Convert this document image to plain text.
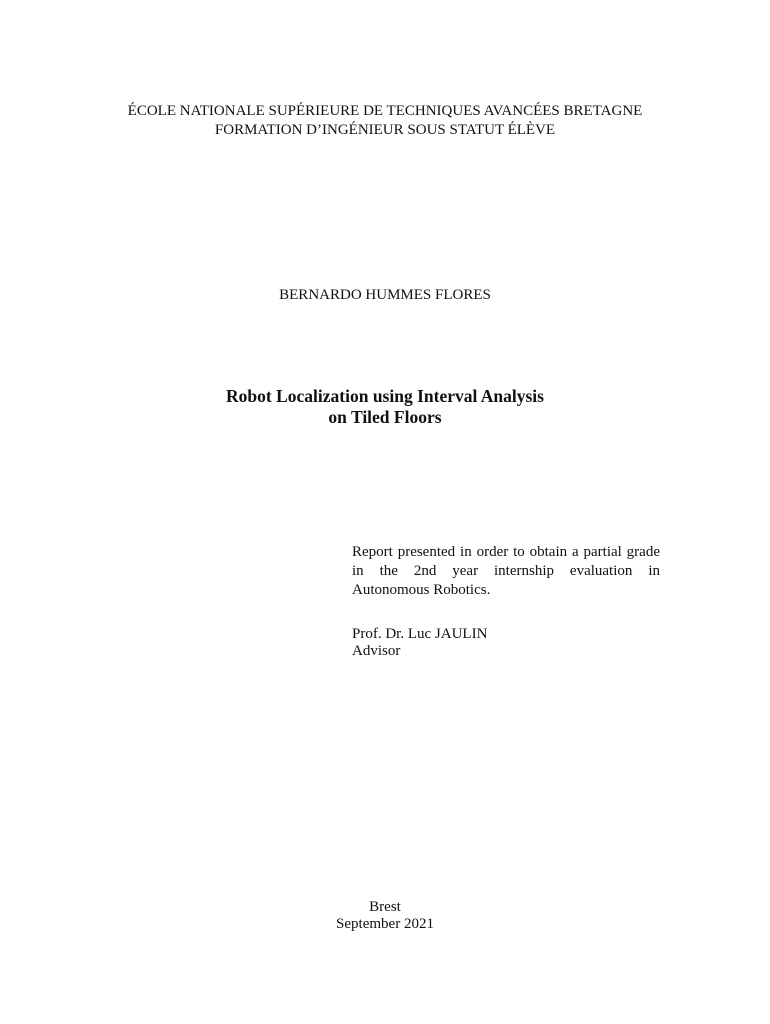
ÉCOLE NATIONALE SUPÉRIEURE DE TECHNIQUES AVANCÉES BRETAGNE
FORMATION D’INGÉNIEUR SOUS STATUT ÉLÈVE
BERNARDO HUMMES FLORES
Robot Localization using Interval Analysis
on Tiled Floors
Report presented in order to obtain a partial grade in the 2nd year internship evaluation in Autonomous Robotics.
Prof. Dr. Luc JAULIN
Advisor
Brest
September 2021
